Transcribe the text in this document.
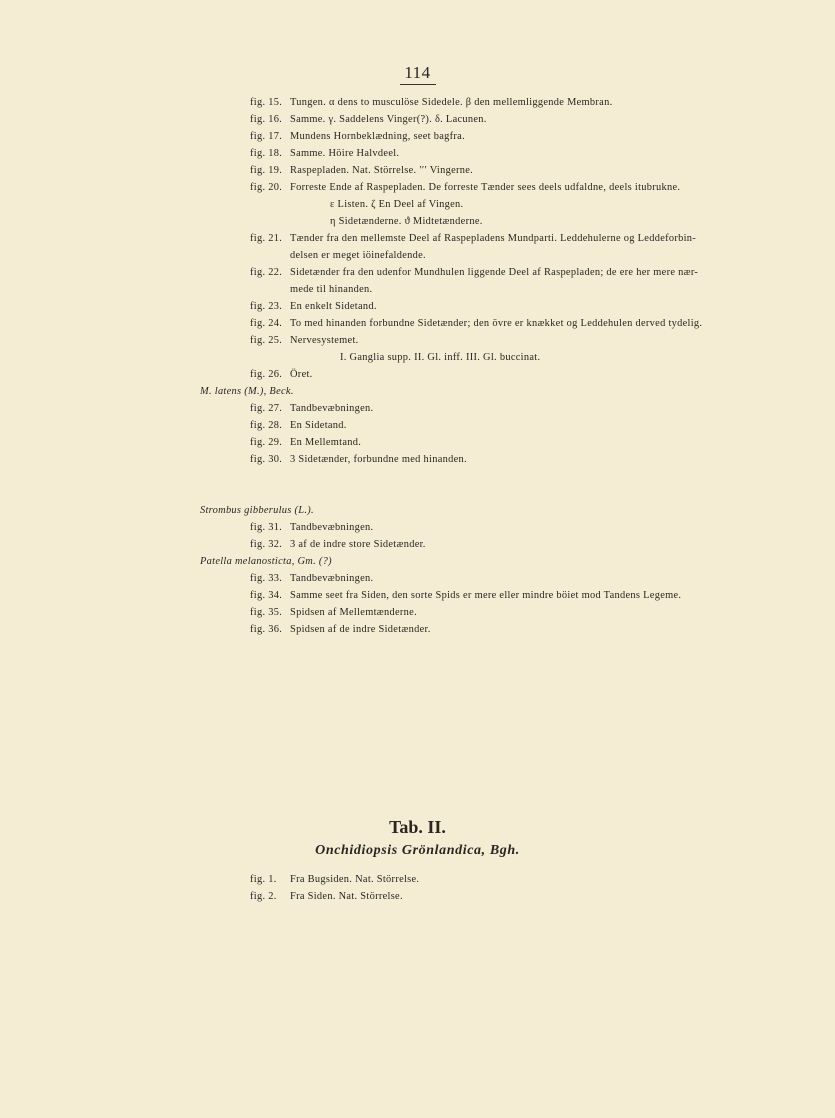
114
fig. 15. Tungen. α dens to musculöse Sidedele. β den mellemliggende Membran.
fig. 16. Samme. γ. Saddelens Vinger(?). δ. Lacunen.
fig. 17. Mundens Hornbeklædning, seet bagfra.
fig. 18. Samme. Höire Halvdeel.
fig. 19. Raspepladen. Nat. Störrelse. ′′′ Vingerne.
fig. 20. Forreste Ende af Raspepladen. De forreste Tænder sees deels udfaldne, deels itubrukne.
ε Listen. ζ En Deel af Vingen.
η Sidetænderne. ϑ Midtetænderne.
fig. 21. Tænder fra den mellemste Deel af Raspepladens Mundparti. Leddehulerne og Leddeforbin-
delsen er meget iöinefaldende.
fig. 22. Sidetænder fra den udenfor Mundhulen liggende Deel af Raspepladen; de ere her mere nær-
mede til hinanden.
fig. 23. En enkelt Sidetand.
fig. 24. To med hinanden forbundne Sidetænder; den övre er knækket og Leddehulen derved tydelig.
fig. 25. Nervesystemet.
I. Ganglia supp. II. Gl. inff. III. Gl. buccinat.
fig. 26. Öret.
M. latens (M.), Beck.
fig. 27. Tandbevæbningen.
fig. 28. En Sidetand.
fig. 29. En Mellemtand.
fig. 30. 3 Sidetænder, forbundne med hinanden.
Strombus gibberulus (L.).
fig. 31. Tandbevæbningen.
fig. 32. 3 af de indre store Sidetænder.
Patella melanosticta, Gm. (?)
fig. 33. Tandbevæbningen.
fig. 34. Samme seet fra Siden, den sorte Spids er mere eller mindre böiet mod Tandens Legeme.
fig. 35. Spidsen af Mellemtænderne.
fig. 36. Spidsen af de indre Sidetænder.
Tab. II.
Onchidiopsis Grönlandica, Bgh.
fig. 1. Fra Bugsiden. Nat. Störrelse.
fig. 2. Fra Siden. Nat. Störrelse.
